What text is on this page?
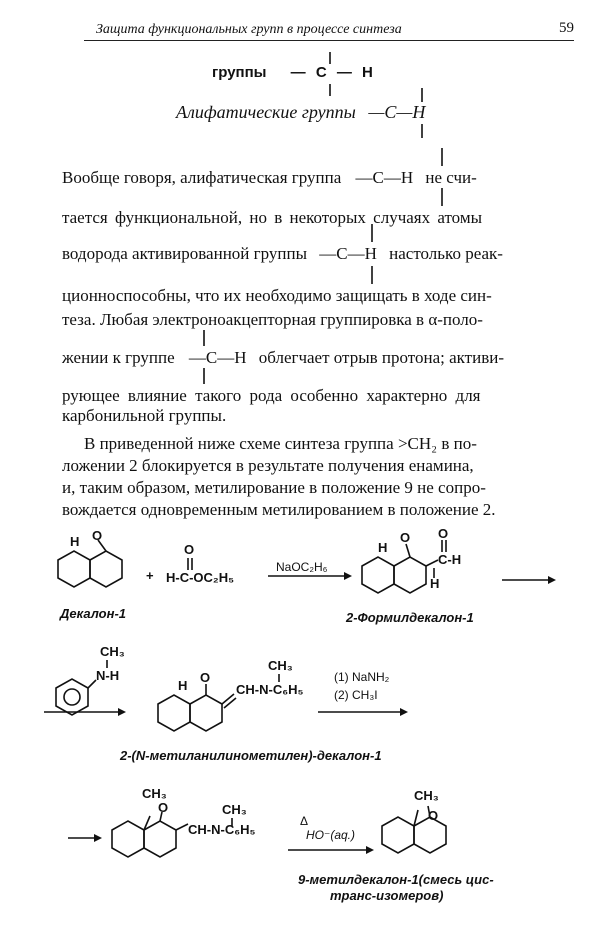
Защита функциональных групп в процессе синтеза	59
группы — C — H
Алифатические группы —C—H
Вообще говоря, алифатическая группа —C—H не счи-
тается функциональной, но в некоторых случаях атомы
водорода активированной группы —C—H настолько реак-
ционноспособны, что их необходимо защищать в ходе син-
теза. Любая электроноакцепторная группировка в α-поло-
жении к группе —C—H облегчает отрыв протона; активи-
рующее влияние такого рода особенно характерно для
карбонильной группы.
В приведенной ниже схеме синтеза группа >CH₂ в по-
ложении 2 блокируется в результате получения енамина,
и, таким образом, метилирование в положение 9 не сопро-
вождается одновременным метилированием в положение 2.
H O
Декалон-1
+
O
H-C-OC₂H₅
NaOC₂H₆
H
O O
C-H
H
2-Формилдекалон-1
CH₃
N-H
H
O
CH₃
CH-N-C₆H₅
(1) NaNH₂
(2) CH₃I
2-(N-метиланилинометилен)-декалон-1
CH₃
O	CH₃
CH-N-C₆H₅
Δ
HO⁻(aq.)
CH₃
O
9-метилдекалон-1(смесь цис-
транс-изомеров)
